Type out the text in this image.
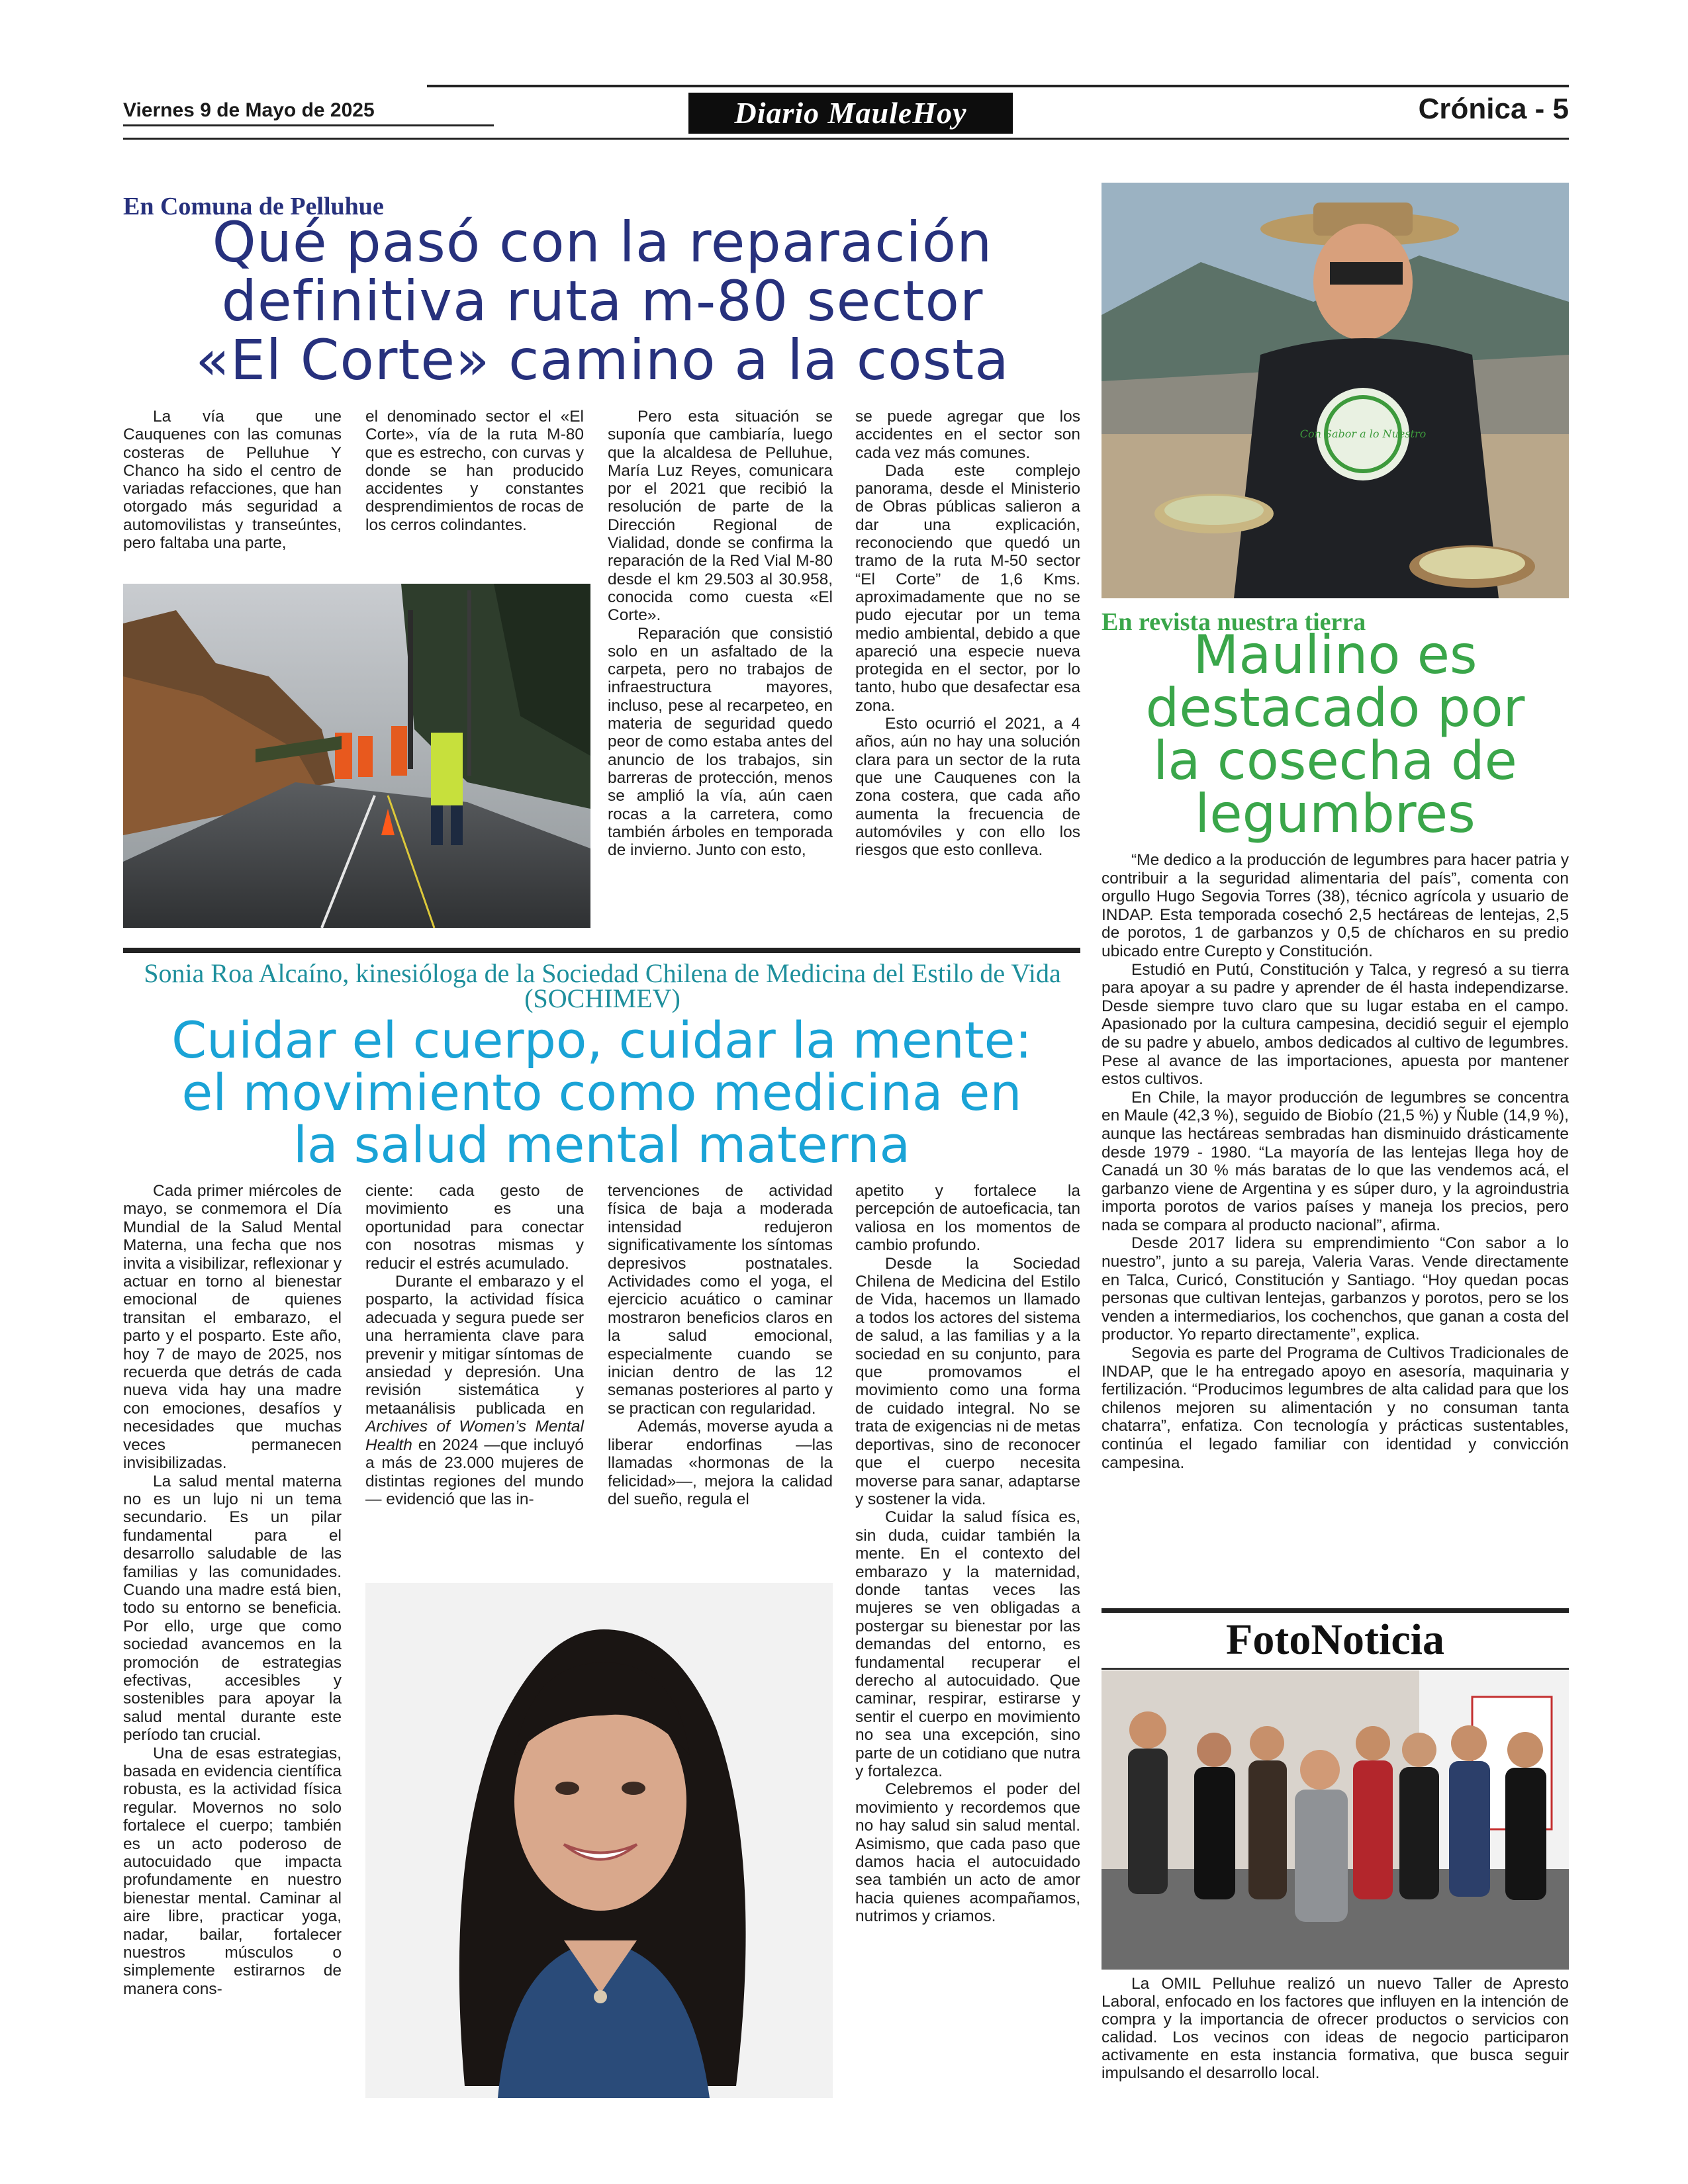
Viernes 9 de Mayo de 2025	Diario MauleHoy	Crónica - 5
En Comuna de Pelluhue
Qué pasó con la reparación
definitiva ruta m-80 sector
«El Corte» camino a la costa

La vía que une Cauquenes con las comunas costeras de Pelluhue Y Chanco ha sido el centro de variadas refacciones, que han otorgado más seguridad a automovilistas y transeúntes, pero faltaba una parte,

el denominado sector el «El Corte», vía de la ruta M-80 que es estrecho, con curvas y donde se han producido accidentes y constantes desprendimientos de rocas de los cerros colindantes.

Pero esta situación se suponía que cambiaría, luego que la alcaldesa de Pelluhue, María Luz Reyes, comunicara por el 2021 que recibió la resolución de parte de la Dirección Regional de Vialidad, donde se confirma la reparación de la Red Vial M-80 desde el km 29.503 al 30.958, conocida como cuesta «El Corte».

Reparación que consistió solo en un asfaltado de la carpeta, pero no trabajos de infraestructura mayores, incluso, pese al recarpeteo, en materia de seguridad quedo peor de como estaba antes del anuncio de los trabajos, sin barreras de protección, menos se amplió la vía, aún caen rocas a la carretera, como también árboles en temporada de invierno. Junto con esto,

se puede agregar que los accidentes en el sector son cada vez más comunes.

Dada este complejo panorama, desde el Ministerio de Obras públicas salieron a dar una explicación, reconociendo que quedó un tramo de la ruta M-50 sector “El Corte” de 1,6 Kms. aproximadamente que no se pudo ejecutar por un tema medio ambiental, debido a que apareció una especie nueva protegida en el sector, por lo tanto, hubo que desafectar esa zona.

Esto ocurrió el 2021, a 4 años, aún no hay una solución clara para un sector de la ruta que une Cauquenes con la zona costera, que cada año aumenta la frecuencia de automóviles y con ello los riesgos que esto conlleva.

Con Sabor a lo Nuestro
En revista nuestra tierra
Maulino es
destacado por
la cosecha de
legumbres

“Me dedico a la producción de legumbres para hacer patria y contribuir a la seguridad alimentaria del país”, comenta con orgullo Hugo Segovia Torres (38), técnico agrícola y usuario de INDAP. Esta temporada cosechó 2,5 hectáreas de lentejas, 2,5 de porotos, 1 de garbanzos y 0,5 de chícharos en su predio ubicado entre Curepto y Constitución.

Estudió en Putú, Constitución y Talca, y regresó a su tierra para apoyar a su padre y aprender de él hasta independizarse. Desde siempre tuvo claro que su lugar estaba en el campo. Apasionado por la cultura campesina, decidió seguir el ejemplo de su padre y abuelo, ambos dedicados al cultivo de legumbres. Pese al avance de las importaciones, apuesta por mantener estos cultivos.

En Chile, la mayor producción de legumbres se concentra en Maule (42,3 %), seguido de Biobío (21,5 %) y Ñuble (14,9 %), aunque las hectáreas sembradas han disminuido drásticamente desde 1979 - 1980. “La mayoría de las lentejas llega hoy de Canadá un 30 % más baratas de lo que las vendemos acá, el garbanzo viene de Argentina y es súper duro, y la agroindustria importa porotos de varios países y maneja los precios, pero nada se compara al producto nacional”, afirma.

Desde 2017 lidera su emprendimiento “Con sabor a lo nuestro”, junto a su pareja, Valeria Varas. Vende directamente en Talca, Curicó, Constitución y Santiago. “Hoy quedan pocas personas que cultivan lentejas, garbanzos y porotos, pero se los venden a intermediarios, los cochenchos, que ganan a costa del productor. Yo reparto directamente”, explica.

Segovia es parte del Programa de Cultivos Tradicionales de INDAP, que le ha entregado apoyo en asesoría, maquinaria y fertilización. “Producimos legumbres de alta calidad para que los chilenos mejoren su alimentación y no consuman tanta chatarra”, enfatiza. Con tecnología y prácticas sustentables, continúa el legado familiar con identidad y convicción campesina.

FotoNoticia

La OMIL Pelluhue realizó un nuevo Taller de Apresto Laboral, enfocado en los factores que influyen en la intención de compra y la importancia de ofrecer productos o servicios con calidad. Los vecinos con ideas de negocio participaron activamente en esta instancia formativa, que busca seguir impulsando el desarrollo local.

Sonia Roa Alcaíno, kinesióloga de la Sociedad Chilena de Medicina del Estilo de Vida (SOCHIMEV)
Cuidar el cuerpo, cuidar la mente:
el movimiento como medicina en
la salud mental materna

Cada primer miércoles de mayo, se conmemora el Día Mundial de la Salud Mental Materna, una fecha que nos invita a visibilizar, reflexionar y actuar en torno al bienestar emocional de quienes transitan el embarazo, el parto y el posparto. Este año, hoy 7 de mayo de 2025, nos recuerda que detrás de cada nueva vida hay una madre con emociones, desafíos y necesidades que muchas veces permanecen invisibilizadas.

La salud mental materna no es un lujo ni un tema secundario. Es un pilar fundamental para el desarrollo saludable de las familias y las comunidades. Cuando una madre está bien, todo su entorno se beneficia. Por ello, urge que como sociedad avancemos en la promoción de estrategias efectivas, accesibles y sostenibles para apoyar la salud mental durante este período tan crucial.

Una de esas estrategias, basada en evidencia científica robusta, es la actividad física regular. Movernos no solo fortalece el cuerpo; también es un acto poderoso de autocuidado que impacta profundamente en nuestro bienestar mental. Caminar al aire libre, practicar yoga, nadar, bailar, fortalecer nuestros músculos o simplemente estirarnos de manera cons-

ciente: cada gesto de movimiento es una oportunidad para conectar con nosotras mismas y reducir el estrés acumulado.

Durante el embarazo y el posparto, la actividad física adecuada y segura puede ser una herramienta clave para prevenir y mitigar síntomas de ansiedad y depresión. Una revisión sistemática y metaanálisis publicada en Archives of Women’s Mental Health en 2024 —que incluyó a más de 23.000 mujeres de distintas regiones del mundo— evidenció que las in-

tervenciones de actividad física de baja a moderada intensidad redujeron significativamente los síntomas depresivos postnatales. Actividades como el yoga, el ejercicio acuático o caminar mostraron beneficios claros en la salud emocional, especialmente cuando se inician dentro de las 12 semanas posteriores al parto y se practican con regularidad.

Además, moverse ayuda a liberar endorfinas —las llamadas «hormonas de la felicidad»—, mejora la calidad del sueño, regula el

apetito y fortalece la percepción de autoeficacia, tan valiosa en los momentos de cambio profundo.

Desde la Sociedad Chilena de Medicina del Estilo de Vida, hacemos un llamado a todos los actores del sistema de salud, a las familias y a la sociedad en su conjunto, para que promovamos el movimiento como una forma de cuidado integral. No se trata de exigencias ni de metas deportivas, sino de reconocer que el cuerpo necesita moverse para sanar, adaptarse y sostener la vida.

Cuidar la salud física es, sin duda, cuidar también la mente. En el contexto del embarazo y la maternidad, donde tantas veces las mujeres se ven obligadas a postergar su bienestar por las demandas del entorno, es fundamental recuperar el derecho al autocuidado. Que caminar, respirar, estirarse y sentir el cuerpo en movimiento no sea una excepción, sino parte de un cotidiano que nutra y fortalezca.

Celebremos el poder del movimiento y recordemos que no hay salud sin salud mental. Asimismo, que cada paso que damos hacia el autocuidado sea también un acto de amor hacia quienes acompañamos, nutrimos y criamos.
